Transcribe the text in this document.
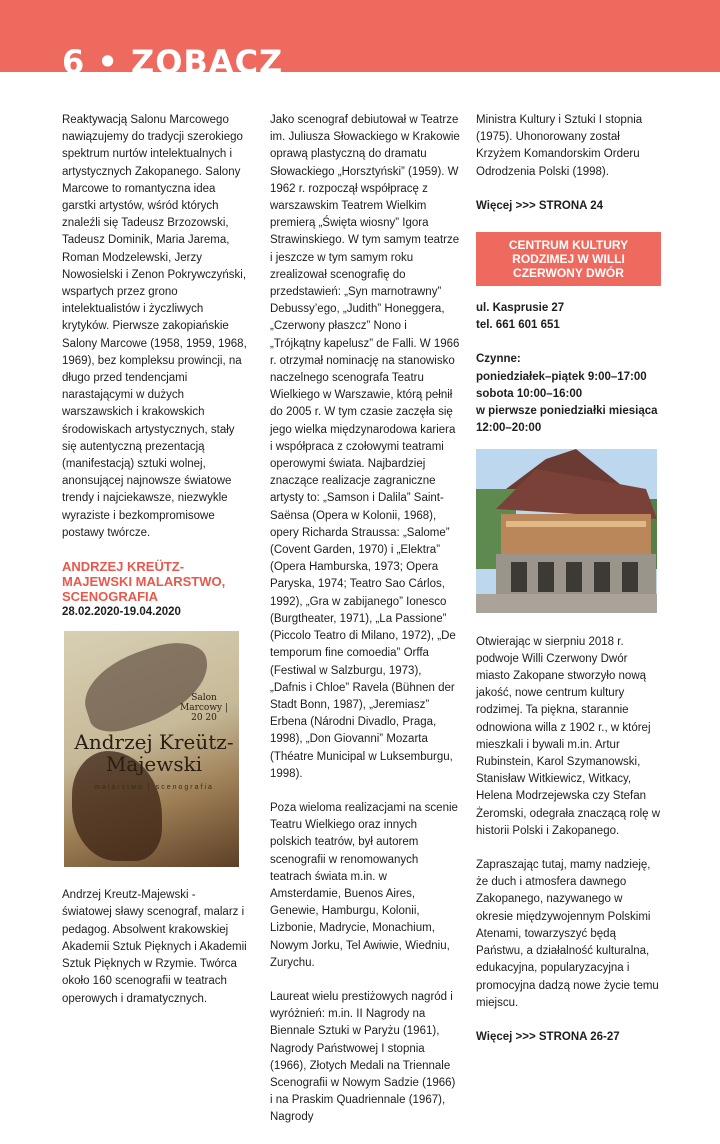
6 • ZOBACZ

Reaktywacją Salonu Marcowego nawiązujemy do tradycji szerokiego spektrum nurtów intelektualnych i artystycznych Zakopanego. Salony Marcowe to romantyczna idea garstki artystów, wśród których znaleźli się Tadeusz Brzozowski, Tadeusz Dominik, Maria Jarema, Roman Modzelewski, Jerzy Nowosielski i Zenon Pokrywczyński, wspartych przez grono intelektualistów i życzliwych krytyków. Pierwsze zakopiańskie Salony Marcowe (1958, 1959, 1968, 1969), bez kompleksu prowincji, na długo przed tendencjami narastającymi w dużych warszawskich i krakowskich środowiskach artystycznych, stały się autentyczną prezentacją (manifestacją) sztuki wolnej, anonsującej najnowsze światowe trendy i najciekawsze, niezwykle wyraziste i bezkompromisowe postawy twórcze.

ANDRZEJ KREÜTZ-MAJEWSKI MALARSTWO, SCENOGRAFIA
28.02.2020-19.04.2020
Salon Marcowy | 20 20
Andrzej Kreütz-Majewski
malarstwo | scenografia

Andrzej Kreutz-Majewski - światowej sławy scenograf, malarz i pedagog. Absolwent krakowskiej Akademii Sztuk Pięknych i Akademii Sztuk Pięknych w Rzymie. Twórca około 160 scenografii w teatrach operowych i dramatycznych.

Jako scenograf debiutował w Teatrze im. Juliusza Słowackiego w Krakowie oprawą plastyczną do dramatu Słowackiego „Horsztyński” (1959). W 1962 r. rozpoczął współpracę z warszawskim Teatrem Wielkim premierą „Święta wiosny” Igora Strawinskiego. W tym samym teatrze i jeszcze w tym samym roku zrealizował scenografię do przedstawień: „Syn marnotrawny” Debussy’ego, „Judith” Honeggera, „Czerwony płaszcz” Nono i „Trójkątny kapelusz” de Falli. W 1966 r. otrzymał nominację na stanowisko naczelnego scenografa Teatru Wielkiego w Warszawie, którą pełnił do 2005 r. W tym czasie zaczęła się jego wielka międzynarodowa kariera i współpraca z czołowymi teatrami operowymi świata. Najbardziej znaczące realizacje zagraniczne artysty to: „Samson i Dalila” Saint-Saënsa (Opera w Kolonii, 1968), opery Richarda Straussa: „Salome” (Covent Garden, 1970) i „Elektra” (Opera Hamburska, 1973; Opera Paryska, 1974; Teatro Sao Cárlos, 1992), „Gra w zabijanego” Ionesco (Burgtheater, 1971), „La Passione” (Piccolo Teatro di Milano, 1972), „De temporum fine comoedia” Orffa (Festiwal w Salzburgu, 1973), „Dafnis i Chloe” Ravela (Bühnen der Stadt Bonn, 1987), „Jeremiasz” Erbena (Národni Divadlo, Praga, 1998), „Don Giovanni” Mozarta (Théatre Municipal w Luksemburgu, 1998).

Poza wieloma realizacjami na scenie Teatru Wielkiego oraz innych polskich teatrów, był autorem scenografii w renomowanych teatrach świata m.in. w Amsterdamie, Buenos Aires, Genewie, Hamburgu, Kolonii, Lizbonie, Madrycie, Monachium, Nowym Jorku, Tel Awiwie, Wiedniu, Zurychu.

Laureat wielu prestiżowych nagród i wyróżnień: m.in. II Nagrody na Biennale Sztuki w Paryżu (1961), Nagrody Państwowej I stopnia (1966), Złotych Medali na Triennale Scenografii w Nowym Sadzie (1966) i na Praskim Quadriennale (1967), Nagrody

Ministra Kultury i Sztuki I stopnia (1975). Uhonorowany został Krzyżem Komandorskim Orderu Odrodzenia Polski (1998).

Więcej >>> STRONA 24

CENTRUM KULTURY RODZIMEJ W WILLI CZERWONY DWÓR
ul. Kasprusie 27
tel. 661 601 651
Czynne:
poniedziałek–piątek 9:00–17:00
sobota 10:00–16:00
w pierwsze poniedziałki miesiąca 12:00–20:00

Otwierając w sierpniu 2018 r. podwoje Willi Czerwony Dwór miasto Zakopane stworzyło nową jakość, nowe centrum kultury rodzimej. Ta piękna, starannie odnowiona willa z 1902 r., w której mieszkali i bywali m.in. Artur Rubinstein, Karol Szymanowski, Stanisław Witkiewicz, Witkacy, Helena Modrzejewska czy Stefan Żeromski, odegrała znaczącą rolę w historii Polski i Zakopanego.

Zapraszając tutaj, mamy nadzieję, że duch i atmosfera dawnego Zakopanego, nazywanego w okresie międzywojennym Polskimi Atenami, towarzyszyć będą Państwu, a działalność kulturalna, edukacyjna, popularyzacyjna i promocyjna dadzą nowe życie temu miejscu.

Więcej >>> STRONA 26-27
